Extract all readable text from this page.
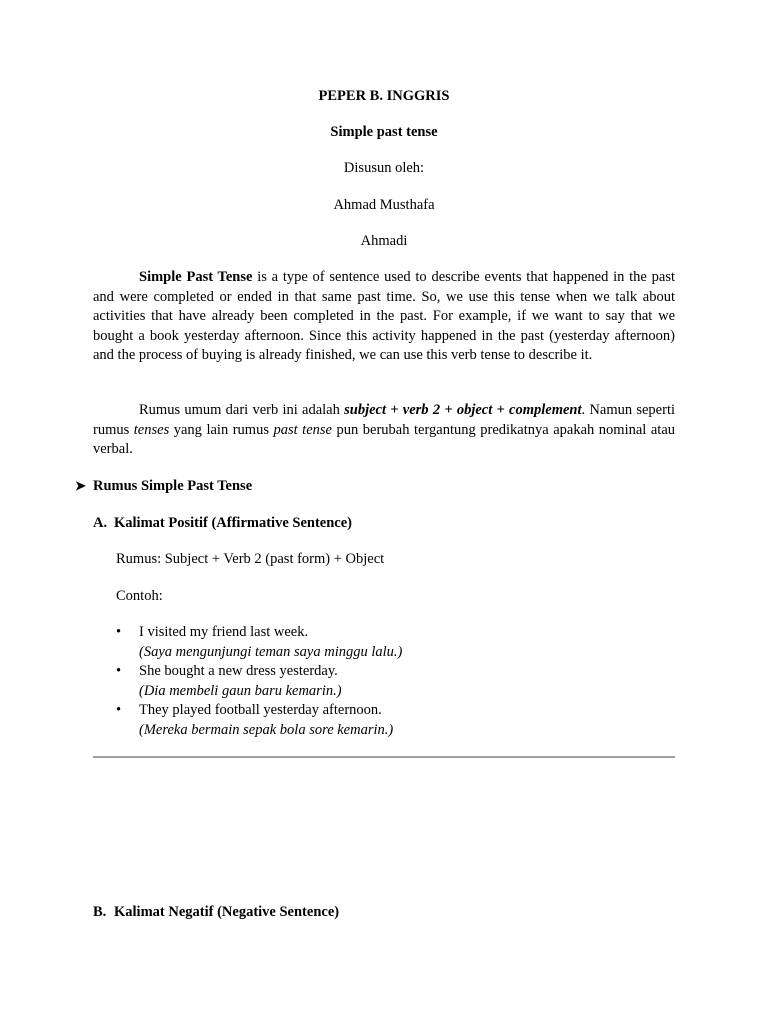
PEPER B. INGGRIS
Simple past tense
Disusun oleh:
Ahmad Musthafa
Ahmadi

Simple Past Tense is a type of sentence used to describe events that happened in the past and were completed or ended in that same past time. So, we use this tense when we talk about activities that have already been completed in the past. For example, if we want to say that we bought a book yesterday afternoon. Since this activity happened in the past (yesterday afternoon) and the process of buying is already finished, we can use this verb tense to describe it.

Rumus umum dari verb ini adalah subject + verb 2 + object + complement. Namun seperti rumus tenses yang lain rumus past tense pun berubah tergantung predikatnya apakah nominal atau verbal.

➤ Rumus Simple Past Tense
A. Kalimat Positif (Affirmative Sentence)
Rumus: Subject + Verb 2 (past form) + Object
Contoh:
• I visited my friend last week.
(Saya mengunjungi teman saya minggu lalu.)
• She bought a new dress yesterday.
(Dia membeli gaun baru kemarin.)
• They played football yesterday afternoon.
(Mereka bermain sepak bola sore kemarin.)
B. Kalimat Negatif (Negative Sentence)
